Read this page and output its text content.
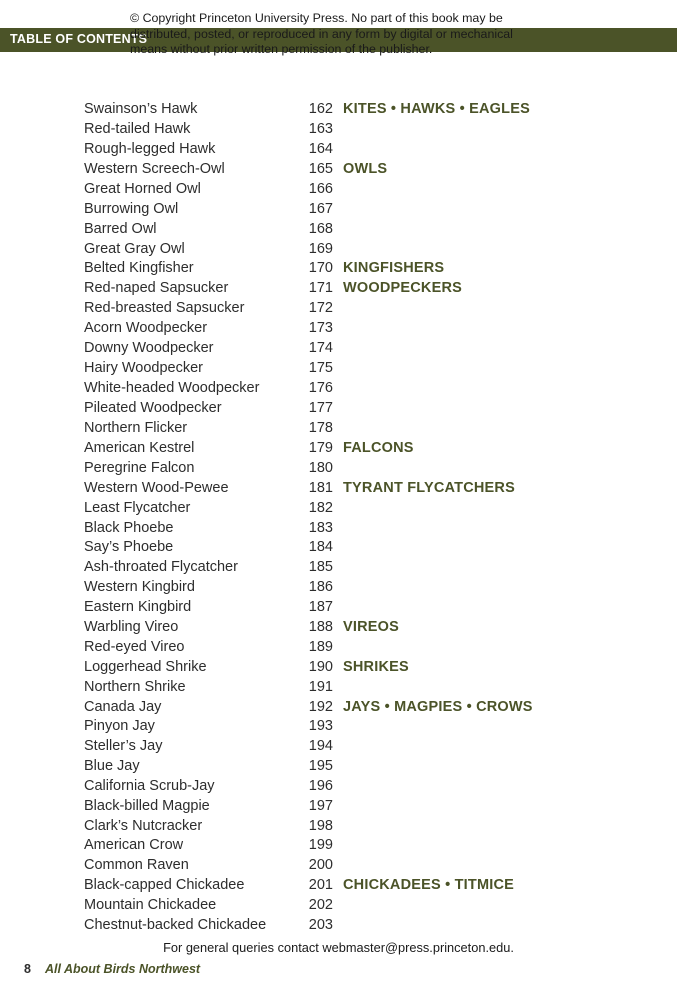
TABLE OF CONTENTS
© Copyright Princeton University Press. No part of this book may be distributed, posted, or reproduced in any form by digital or mechanical means without prior written permission of the publisher.
Swainson’s Hawk	162 KITES • HAWKS • EAGLES
Red-tailed Hawk	163
Rough-legged Hawk	164
Western Screech-Owl	165 OWLS
Great Horned Owl	166
Burrowing Owl	167
Barred Owl	168
Great Gray Owl	169
Belted Kingfisher	170 KINGFISHERS
Red-naped Sapsucker	171 WOODPECKERS
Red-breasted Sapsucker	172
Acorn Woodpecker	173
Downy Woodpecker	174
Hairy Woodpecker	175
White-headed Woodpecker	176
Pileated Woodpecker	177
Northern Flicker	178
American Kestrel	179 FALCONS
Peregrine Falcon	180
Western Wood-Pewee	181 TYRANT FLYCATCHERS
Least Flycatcher	182
Black Phoebe	183
Say’s Phoebe	184
Ash-throated Flycatcher	185
Western Kingbird	186
Eastern Kingbird	187
Warbling Vireo	188 VIREOS
Red-eyed Vireo	189
Loggerhead Shrike	190 SHRIKES
Northern Shrike	191
Canada Jay	192 JAYS • MAGPIES • CROWS
Pinyon Jay	193
Steller’s Jay	194
Blue Jay	195
California Scrub-Jay	196
Black-billed Magpie	197
Clark’s Nutcracker	198
American Crow	199
Common Raven	200
Black-capped Chickadee	201 CHICKADEES • TITMICE
Mountain Chickadee	202
Chestnut-backed Chickadee	203
For general queries contact webmaster@press.princeton.edu.
8 All About Birds Northwest
